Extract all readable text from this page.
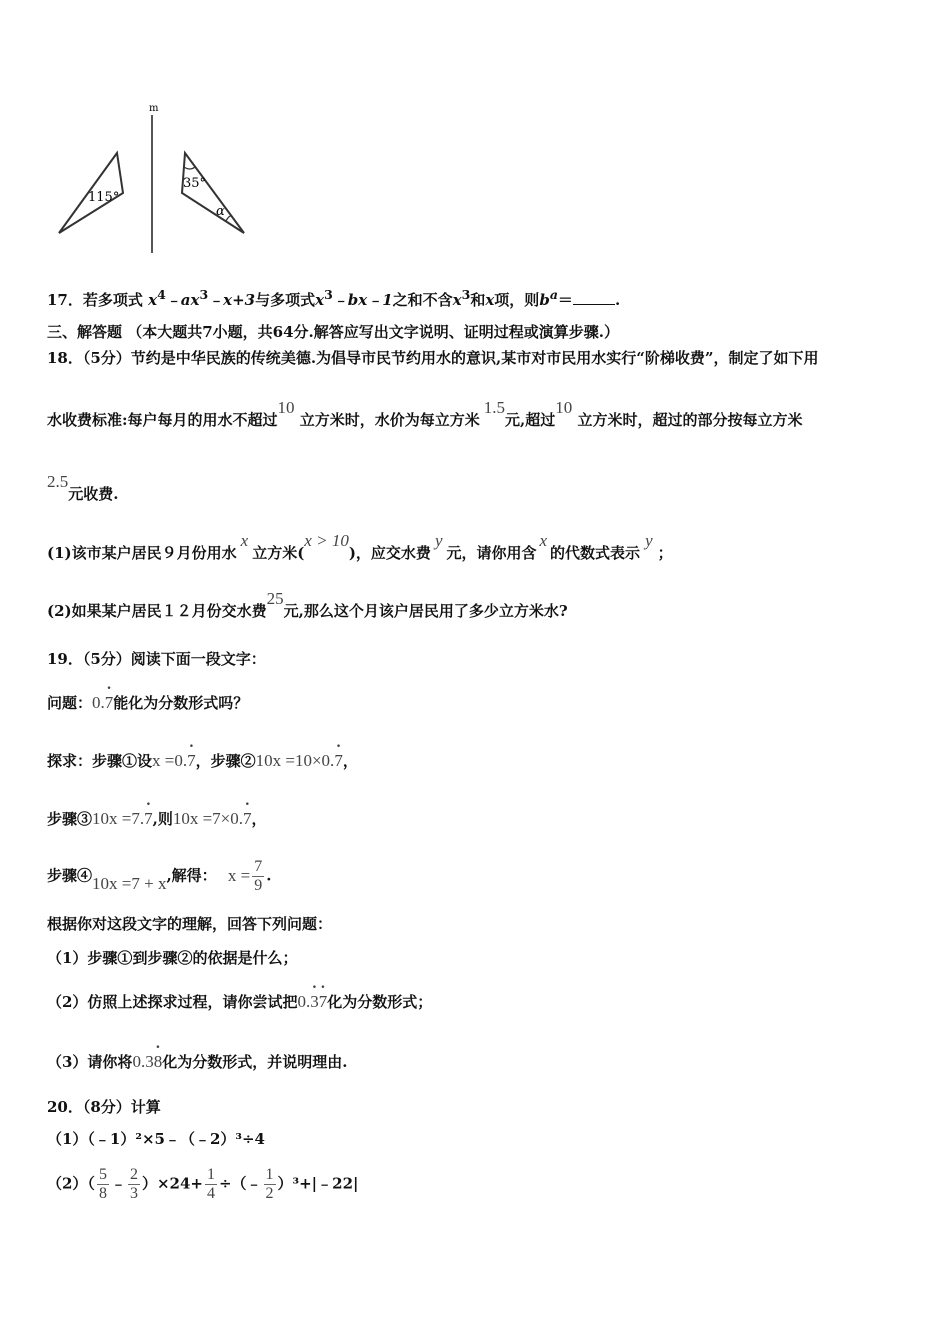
m
115°
35°
α
17．若多项式 $x^4﹣ax^3﹣x+3$与多项式$x^3﹣bx﹣1$之和不含$x^3$和x项，则$b^a=$	.
三、解答题 （本大题共7小题，共64分.解答应写出文字说明、证明过程或演算步骤.）
18．（5分）节约是中华民族的传统美德.为倡导市民节约用水的意识,某市对市民用水实行“阶梯收费”，制定了如下用
水收费标准:每户每月的用水不超过10 立方米时，水价为每立方米1.5元,超过10 立方米时，超过的部分按每立方米
2.5元收费.
(1)该市某户居民９月份用水x立方米(x > 10)，应交水费y元，请你用含x的代数式表示y；
(2)如果某户居民１２月份交水费25元,那么这个月该户居民用了多少立方米水?
19．（5分）阅读下面一段文字：
问题：0.7 ·能化为分数形式吗？
探求：步骤①设x =0.7 ·，步骤②10x =10×0.7 ·，
步骤③10x =7.7 ·,则10x =7×0.7 ·，
步骤④10x =7 + x,解得： $x = \frac{7}{9}$ .
根据你对这段文字的理解，回答下列问题：
（1）步骤①到步骤②的依据是什么；
（2）仿照上述探求过程，请你尝试把0.3 ·7 ·化为分数形式；
（3）请你将0.38 ·化为分数形式，并说明理由.
20．（8分）计算
（1）（﹣1）²×5﹣（﹣2）³÷4
$(2)( \frac{5}{8}$ ﹣ $\frac{2}{3} )\times 24+ \frac{1}{4}$ ÷（﹣ $\frac{1}{2}$ ）³+|﹣22|
